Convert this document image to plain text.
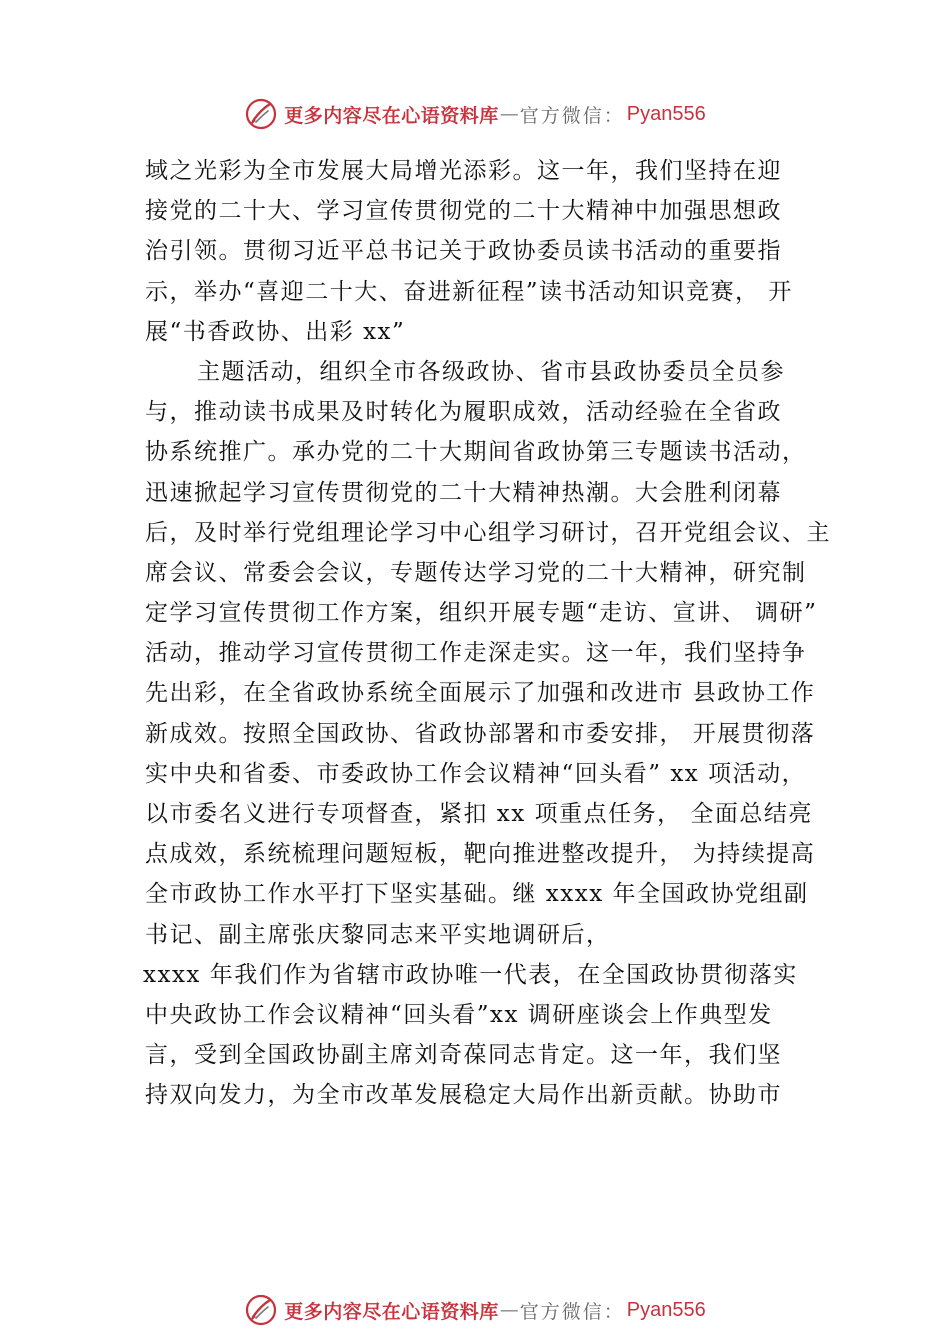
更多内容尽在心语资料库 — 官方微信： Pyan556
域之光彩为全市发展大局增光添彩。这一年，我们坚持在迎
接党的二十大、学习宣传贯彻党的二十大精神中加强思想政
治引领。贯彻习近平总书记关于政协委员读书活动的重要指
示，举办“喜迎二十大、奋进新征程”读书活动知识竞赛， 开
展“书香政协、出彩 xx”
主题活动，组织全市各级政协、省市县政协委员全员参
与，推动读书成果及时转化为履职成效，活动经验在全省政
协系统推广。承办党的二十大期间省政协第三专题读书活动，
迅速掀起学习宣传贯彻党的二十大精神热潮。大会胜利闭幕
后，及时举行党组理论学习中心组学习研讨，召开党组会议、主
席会议、常委会会议，专题传达学习党的二十大精神，研究制
定学习宣传贯彻工作方案，组织开展专题“走访、宣讲、 调研”
活动，推动学习宣传贯彻工作走深走实。这一年，我们坚持争
先出彩，在全省政协系统全面展示了加强和改进市 县政协工作
新成效。按照全国政协、省政协部署和市委安排， 开展贯彻落
实中央和省委、市委政协工作会议精神“回头看” xx 项活动，
以市委名义进行专项督查，紧扣 xx 项重点任务， 全面总结亮
点成效，系统梳理问题短板，靶向推进整改提升， 为持续提高
全市政协工作水平打下坚实基础。继 xxxx 年全国政协党组副
书记、副主席张庆黎同志来平实地调研后，
xxxx 年我们作为省辖市政协唯一代表，在全国政协贯彻落实
中央政协工作会议精神“回头看”xx 调研座谈会上作典型发
言，受到全国政协副主席刘奇葆同志肯定。这一年，我们坚
持双向发力，为全市改革发展稳定大局作出新贡献。协助市
更多内容尽在心语资料库 — 官方微信： Pyan556
